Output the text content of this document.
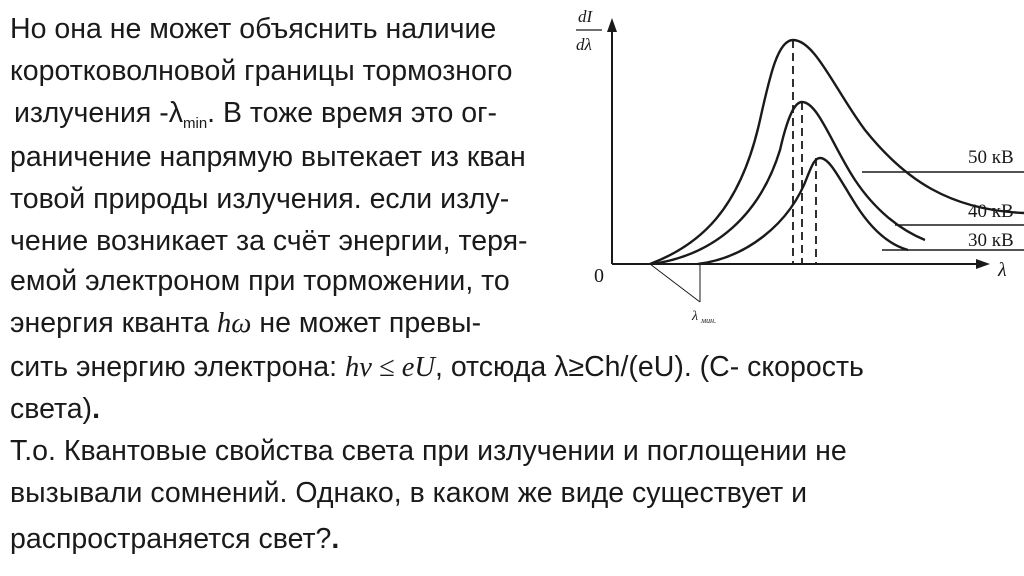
Но она не может объяснить наличие
коротковолновой границы тормозного
излучения $-\lambda_{min}$. В тоже время это ог-
раничение напрямую вытекает из кван
товой природы излучения. если излу-
чение возникает за счёт энергии, теря-
емой электроном при торможении, то
энергия кванта hω не может превы-
сить энергию электрона: hν ≤ eU, отсюда λ≥Ch/(eU). (С- скорость
света).
Т.о. Квантовые свойства света при излучении и поглощении не
вызывали сомнений. Однако, в каком же виде существует и
распространяется свет?.
dI
dλ
λ
0
50 кВ
40 кВ
30 кВ
λ мин.
